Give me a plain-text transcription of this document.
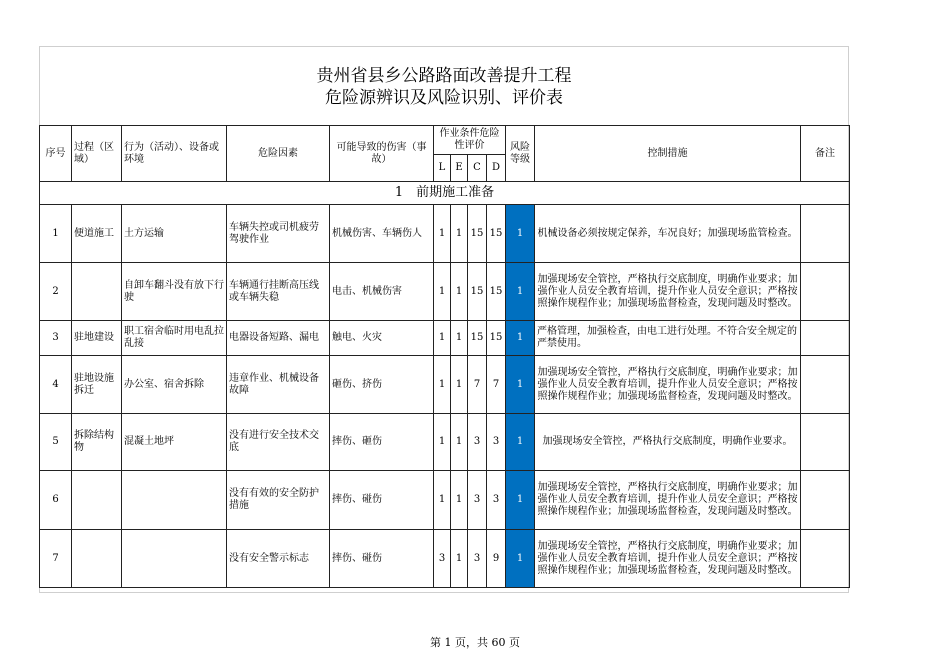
贵州省县乡公路路面改善提升工程
危险源辨识及风险识别、评价表
序号	过程（区域）	行为（活动）、设备或环境	危险因素	可能导致的伤害（事故）	作业条件危险性评价				风险等级	控制措施	备注
					L	E	C	D			
1　前期施工准备											
1	便道施工	土方运输	车辆失控或司机疲劳驾驶作业	机械伤害、车辆伤人	1	1	15	15	1	机械设备必须按规定保养，车况良好；加强现场监管检查。	
2		自卸车翻斗没有放下行驶	车辆通行挂断高压线或车辆失稳	电击、机械伤害	1	1	15	15	1	加强现场安全管控，严格执行交底制度，明确作业要求；加强作业人员安全教育培训，提升作业人员安全意识；严格按照操作规程作业；加强现场监督检查，发现问题及时整改。	
3	驻地建设	职工宿舍临时用电乱拉乱接	电器设备短路、漏电	触电、火灾	1	1	15	15	1	严格管理，加强检查，由电工进行处理。不符合安全规定的严禁使用。	
4	驻地设施拆迁	办公室、宿舍拆除	违章作业、机械设备故障	砸伤、挤伤	1	1	7	7	1	加强现场安全管控，严格执行交底制度，明确作业要求；加强作业人员安全教育培训，提升作业人员安全意识；严格按照操作规程作业；加强现场监督检查，发现问题及时整改。	
5	拆除结构物	混凝土地坪	没有进行安全技术交底	摔伤、砸伤	1	1	3	3	1	加强现场安全管控，严格执行交底制度，明确作业要求。	
6			没有有效的安全防护措施	摔伤、碰伤	1	1	3	3	1	加强现场安全管控，严格执行交底制度，明确作业要求；加强作业人员安全教育培训，提升作业人员安全意识；严格按照操作规程作业；加强现场监督检查，发现问题及时整改。	
7			没有安全警示标志	摔伤、碰伤	3	1	3	9	1	加强现场安全管控，严格执行交底制度，明确作业要求；加强作业人员安全教育培训，提升作业人员安全意识；严格按照操作规程作业；加强现场监督检查，发现问题及时整改。	
第 1 页，共 60 页
